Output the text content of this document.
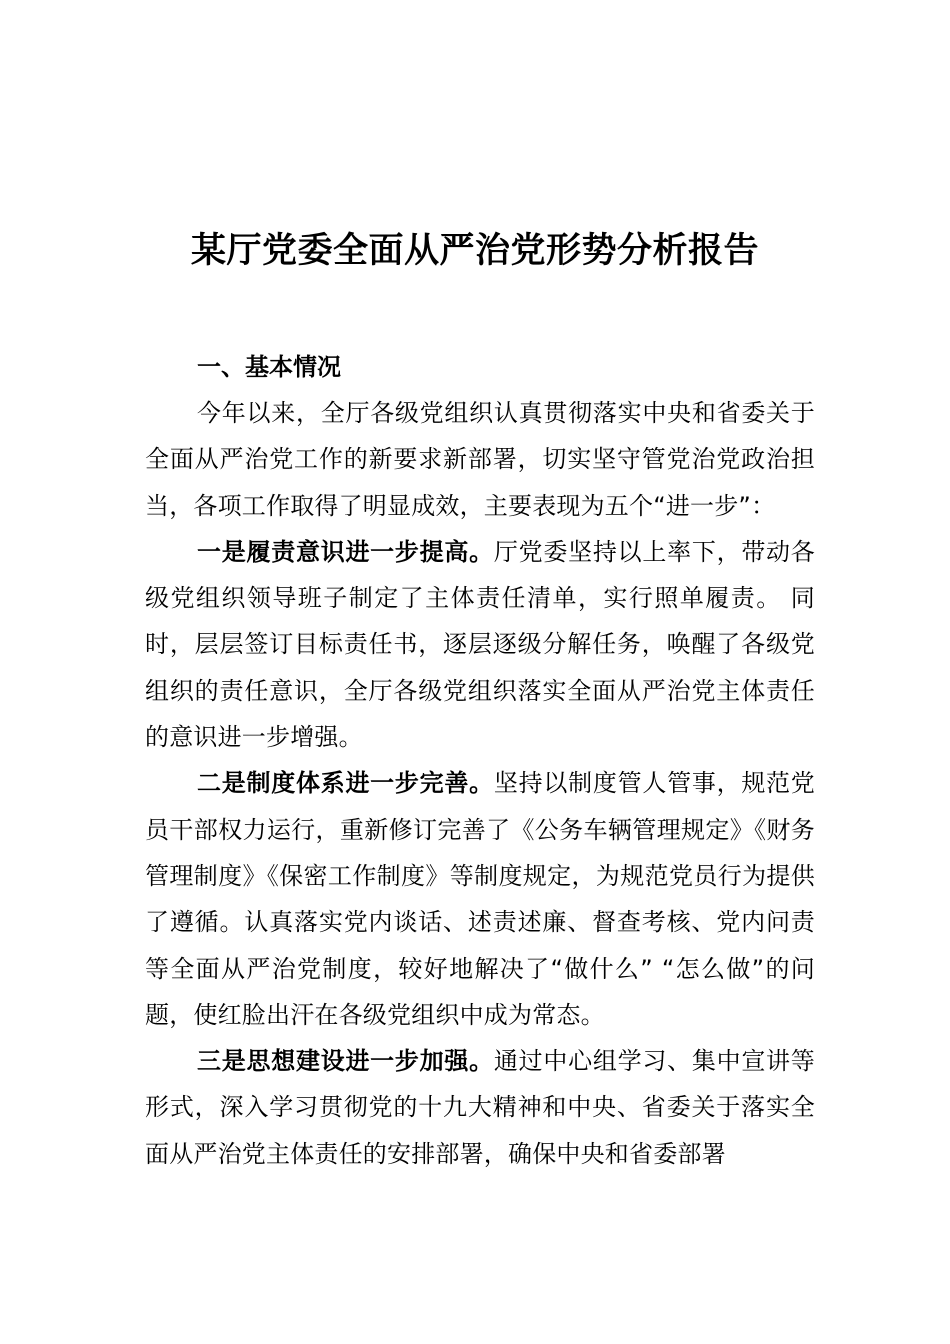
某厅党委全面从严治党形势分析报告

一、基本情况

今年以来，全厅各级党组织认真贯彻落实中央和省委关于全面从严治党工作的新要求新部署，切实坚守管党治党政治担当，各项工作取得了明显成效，主要表现为五个“进一步”：

一是履责意识进一步提高。厅党委坚持以上率下，带动各级党组织领导班子制定了主体责任清单，实行照单履责。 同时，层层签订目标责任书，逐层逐级分解任务，唤醒了各级党组织的责任意识，全厅各级党组织落实全面从严治党主体责任的意识进一步增强。

二是制度体系进一步完善。坚持以制度管人管事，规范党员干部权力运行，重新修订完善了《公务车辆管理规定》《财务管理制度》《保密工作制度》等制度规定，为规范党员行为提供了遵循。认真落实党内谈话、述责述廉、督查考核、党内问责等全面从严治党制度，较好地解决了“做什么” “怎么做”的问题，使红脸出汗在各级党组织中成为常态。

三是思想建设进一步加强。通过中心组学习、集中宣讲等形式，深入学习贯彻党的十九大精神和中央、省委关于落实全面从严治党主体责任的安排部署，确保中央和省委部署
